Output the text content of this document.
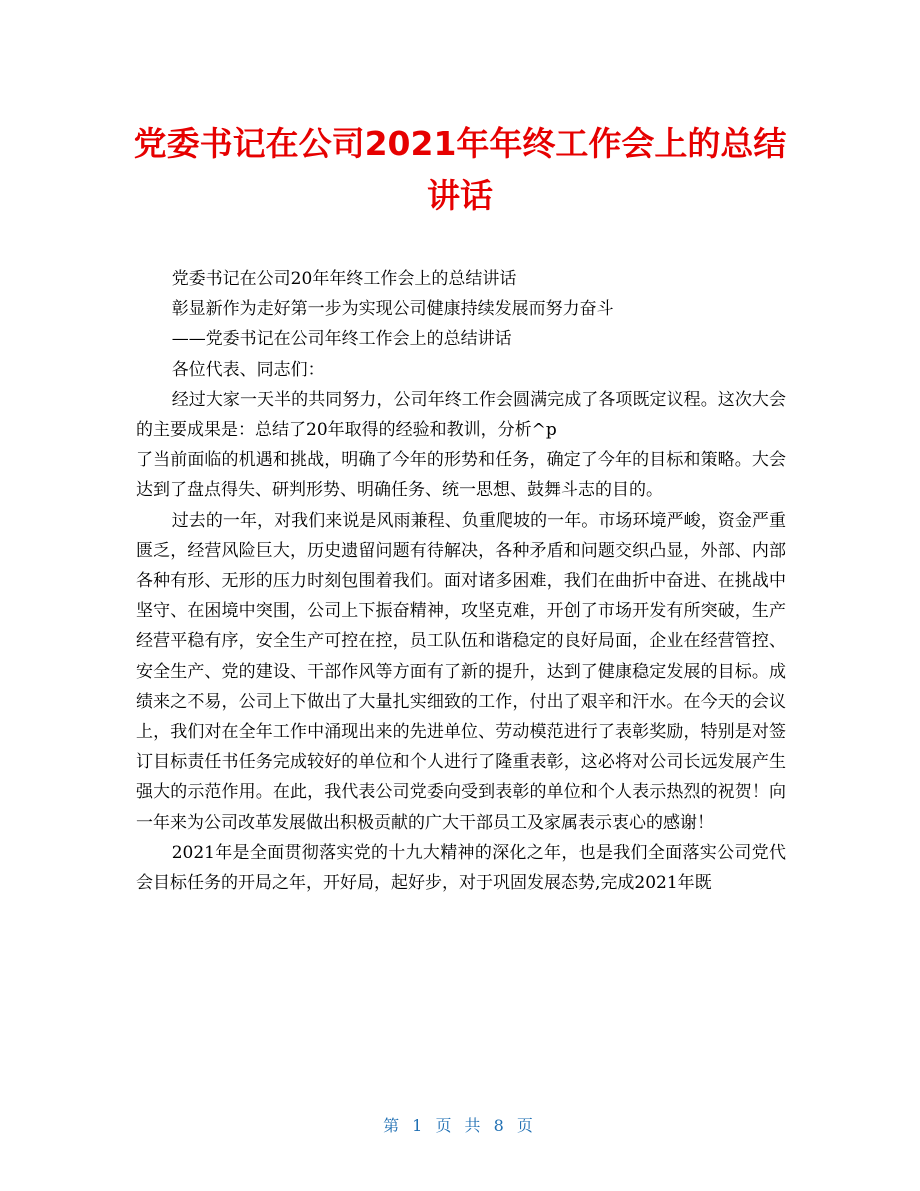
党委书记在公司2021年年终工作会上的总结讲话

党委书记在公司20年年终工作会上的总结讲话

彰显新作为走好第一步为实现公司健康持续发展而努力奋斗

——党委书记在公司年终工作会上的总结讲话

各位代表、同志们：

经过大家一天半的共同努力，公司年终工作会圆满完成了各项既定议程。这次大会的主要成果是：总结了20年取得的经验和教训，分析^p

了当前面临的机遇和挑战，明确了今年的形势和任务，确定了今年的目标和策略。大会达到了盘点得失、研判形势、明确任务、统一思想、鼓舞斗志的目的。

过去的一年，对我们来说是风雨兼程、负重爬坡的一年。市场环境严峻，资金严重匮乏，经营风险巨大，历史遗留问题有待解决，各种矛盾和问题交织凸显，外部、内部各种有形、无形的压力时刻包围着我们。面对诸多困难，我们在曲折中奋进、在挑战中坚守、在困境中突围，公司上下振奋精神，攻坚克难，开创了市场开发有所突破，生产经营平稳有序，安全生产可控在控，员工队伍和谐稳定的良好局面，企业在经营管控、安全生产、党的建设、干部作风等方面有了新的提升，达到了健康稳定发展的目标。成绩来之不易，公司上下做出了大量扎实细致的工作，付出了艰辛和汗水。在今天的会议上，我们对在全年工作中涌现出来的先进单位、劳动模范进行了表彰奖励，特别是对签订目标责任书任务完成较好的单位和个人进行了隆重表彰，这必将对公司长远发展产生强大的示范作用。在此，我代表公司党委向受到表彰的单位和个人表示热烈的祝贺！向一年来为公司改革发展做出积极贡献的广大干部员工及家属表示衷心的感谢！

2021年是全面贯彻落实党的十九大精神的深化之年，也是我们全面落实公司党代会目标任务的开局之年，开好局，起好步，对于巩固发展态势,完成2021年既

第 1 页 共 8 页
